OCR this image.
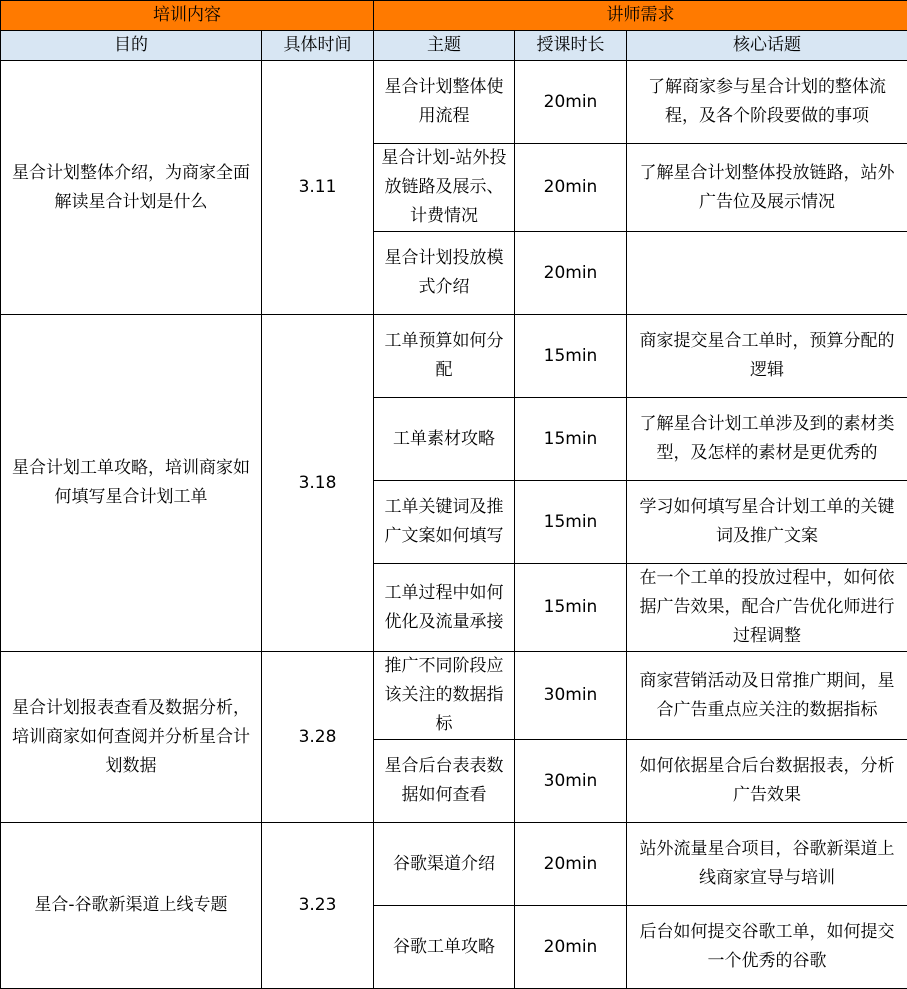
培训内容		讲师需求		
目的	具体时间	主题	授课时长	核心话题
星合计划整体介绍，为商家全面解读星合计划是什么	3.11	星合计划整体使用流程	20min	了解商家参与星合计划的整体流程，及各个阶段要做的事项
		星合计划-站外投放链路及展示、计费情况	20min	了解星合计划整体投放链路，站外广告位及展示情况
		星合计划投放模式介绍	20min	
星合计划工单攻略，培训商家如何填写星合计划工单	3.18	工单预算如何分配	15min	商家提交星合工单时，预算分配的逻辑
		工单素材攻略	15min	了解星合计划工单涉及到的素材类型，及怎样的素材是更优秀的
		工单关键词及推广文案如何填写	15min	学习如何填写星合计划工单的关键词及推广文案
		工单过程中如何优化及流量承接	15min	在一个工单的投放过程中，如何依据广告效果，配合广告优化师进行过程调整
星合计划报表查看及数据分析，培训商家如何查阅并分析星合计划数据	3.28	推广不同阶段应该关注的数据指标	30min	商家营销活动及日常推广期间，星合广告重点应关注的数据指标
		星合后台表表数据如何查看	30min	如何依据星合后台数据报表，分析广告效果
星合-谷歌新渠道上线专题	3.23	谷歌渠道介绍	20min	站外流量星合项目，谷歌新渠道上线商家宣导与培训
		谷歌工单攻略	20min	后台如何提交谷歌工单，如何提交一个优秀的谷歌
